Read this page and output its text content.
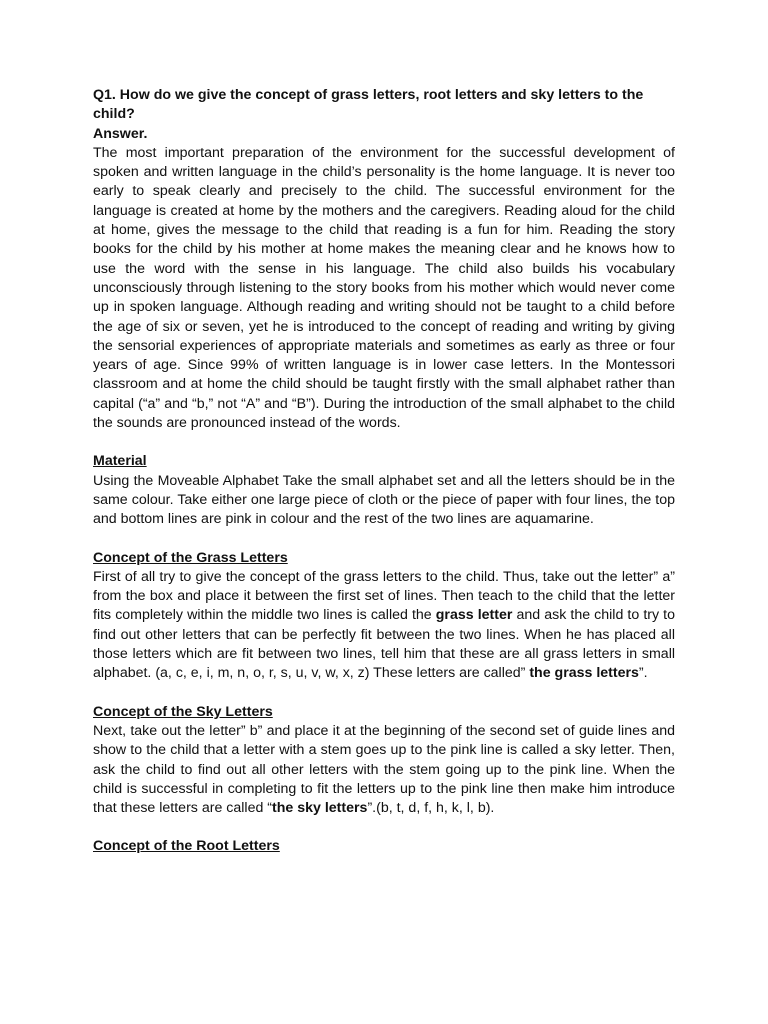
Q1. How do we give the concept of grass letters, root letters and sky letters to the child?

Answer.

The most important preparation of the environment for the successful development of spoken and written language in the child’s personality is the home language. It is never too early to speak clearly and precisely to the child. The successful environment for the language is created at home by the mothers and the caregivers. Reading aloud for the child at home, gives the message to the child that reading is a fun for him. Reading the story books for the child by his mother at home makes the meaning clear and he knows how to use the word with the sense in his language. The child also builds his vocabulary unconsciously through listening to the story books from his mother which would never come up in spoken language. Although reading and writing should not be taught to a child before the age of six or seven, yet he is introduced to the concept of reading and writing by giving the sensorial experiences of appropriate materials and sometimes as early as three or four years of age. Since 99% of written language is in lower case letters. In the Montessori classroom and at home the child should be taught firstly with the small alphabet rather than capital (“a” and “b,” not “A” and “B”). During the introduction of the small alphabet to the child the sounds are pronounced instead of the words.

Material

Using the Moveable Alphabet Take the small alphabet set and all the letters should be in the same colour. Take either one large piece of cloth or the piece of paper with four lines, the top and bottom lines are pink in colour and the rest of the two lines are aquamarine.

Concept of the Grass Letters

First of all try to give the concept of the grass letters to the child. Thus, take out the letter” a” from the box and place it between the first set of lines. Then teach to the child that the letter fits completely within the middle two lines is called the grass letter and ask the child to try to find out other letters that can be perfectly fit between the two lines. When he has placed all those letters which are fit between two lines, tell him that these are all grass letters in small alphabet. (a, c, e, i, m, n, o, r, s, u, v, w, x, z) These letters are called” the grass letters”.

Concept of the Sky Letters

Next, take out the letter” b” and place it at the beginning of the second set of guide lines and show to the child that a letter with a stem goes up to the pink line is called a sky letter. Then, ask the child to find out all other letters with the stem going up to the pink line. When the child is successful in completing to fit the letters up to the pink line then make him introduce that these letters are called “the sky letters”.(b, t, d, f, h, k, l, b).

Concept of the Root Letters
